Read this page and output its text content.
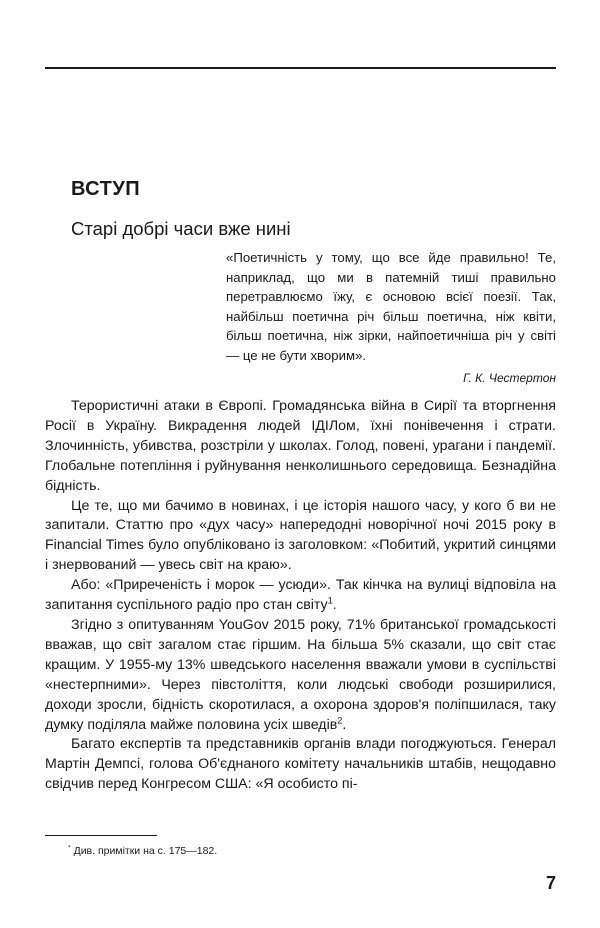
ВСТУП
Старі добрі часи вже нині

«Поетичність у тому, що все йде правильно! Те, наприклад, що ми в патемній тиші правильно перетравлюємо їжу, є основою всієї поезії. Так, найбільш поетична річ більш поетична, ніж квіти, більш поетична, ніж зірки, найпоетичніша річ у світі — це не бути хворим».

Г. К. Честертон

Терористичні атаки в Європі. Громадянська війна в Сирії та вторгнення Росії в Україну. Викрадення людей ІДІЛом, їхні понівечення і страти. Злочинність, убивства, розстріли у школах. Голод, повені, урагани і пандемії. Глобальне потепління і руйнування ненколишнього середовища. Безнадійна бідність.

Це те, що ми бачимо в новинах, і це історія нашого часу, у кого б ви не запитали. Статтю про «дух часу» напередодні новорічної ночі 2015 року в Financial Times було опубліковано із заголовком: «Побитий, укритий синцями і знервований — увесь світ на краю».

Або: «Приреченість і морок — усюди». Так кінчка на вулиці відповіла на запитання суспільного радіо про стан світу$^1$.

Згідно з опитуванням YouGov 2015 року, 71% британської громадськості вважав, що світ загалом стає гіршим. На більша 5% сказали, що світ стає кращим. У 1955-му 13% шведського населення вважали умови в суспільстві «нестерпними». Через півстоліття, коли людські свободи розширилися, доходи зросли, бідність скоротилася, а охорона здоров'я поліпшилася, таку думку поділяла майже половина усіх шведів$^2$.

Багато експертів та представників органів влади погоджуються. Генерал Мартін Демпсі, голова Об'єднаного комітету начальників штабів, нещодавно свідчив перед Конгресом США: «Я особисто пі-

* Див. примітки на с. 175—182.
7
